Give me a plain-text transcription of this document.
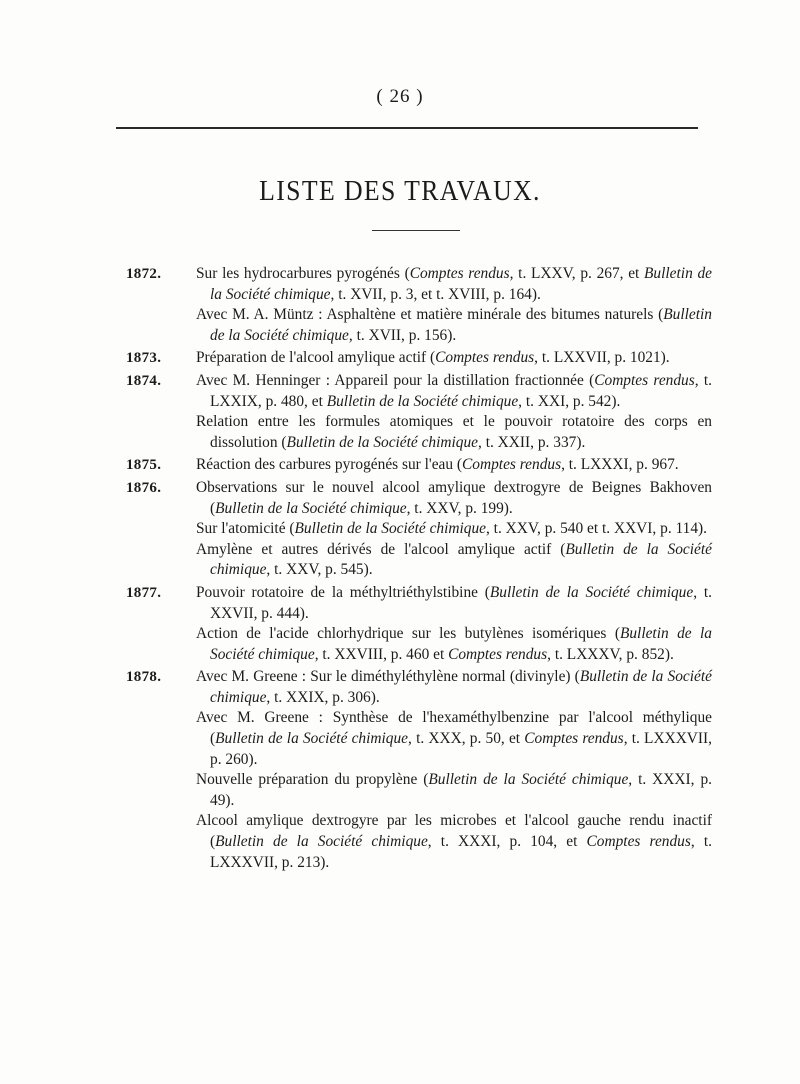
( 26 )
LISTE DES TRAVAUX.
1872. Sur les hydrocarbures pyrogénés (Comptes rendus, t. LXXV, p. 267, et Bulletin de la Société chimique, t. XVII, p. 3, et t. XVIII, p. 164).
Avec M. A. Müntz : Asphaltène et matière minérale des bitumes naturels (Bulletin de la Société chimique, t. XVII, p. 156).
1873. Préparation de l'alcool amylique actif (Comptes rendus, t. LXXVII, p. 1021).
1874. Avec M. Henninger : Appareil pour la distillation fractionnée (Comptes rendus, t. LXXIX, p. 480, et Bulletin de la Société chimique, t. XXI, p. 542).
Relation entre les formules atomiques et le pouvoir rotatoire des corps en dissolution (Bulletin de la Société chimique, t. XXII, p. 337).
1875. Réaction des carbures pyrogénés sur l'eau (Comptes rendus, t. LXXXI, p. 967.
1876. Observations sur le nouvel alcool amylique dextrogyre de Beignes Bakhoven (Bulletin de la Société chimique, t. XXV, p. 199).
Sur l'atomicité (Bulletin de la Société chimique, t. XXV, p. 540 et t. XXVI, p. 114).
Amylène et autres dérivés de l'alcool amylique actif (Bulletin de la Société chimique, t. XXV, p. 545).
1877. Pouvoir rotatoire de la méthyltriéthylstibine (Bulletin de la Société chimique, t. XXVII, p. 444).
Action de l'acide chlorhydrique sur les butylènes isomériques (Bulletin de la Société chimique, t. XXVIII, p. 460 et Comptes rendus, t. LXXXV, p. 852).
1878. Avec M. Greene : Sur le diméthyléthylène normal (divinyle) (Bulletin de la Société chimique, t. XXIX, p. 306).
Avec M. Greene : Synthèse de l'hexaméthylbenzine par l'alcool méthylique (Bulletin de la Société chimique, t. XXX, p. 50, et Comptes rendus, t. LXXXVII, p. 260).
Nouvelle préparation du propylène (Bulletin de la Société chimique, t. XXXI, p. 49).
Alcool amylique dextrogyre par les microbes et l'alcool gauche rendu inactif (Bulletin de la Société chimique, t. XXXI, p. 104, et Comptes rendus, t. LXXXVII, p. 213).
